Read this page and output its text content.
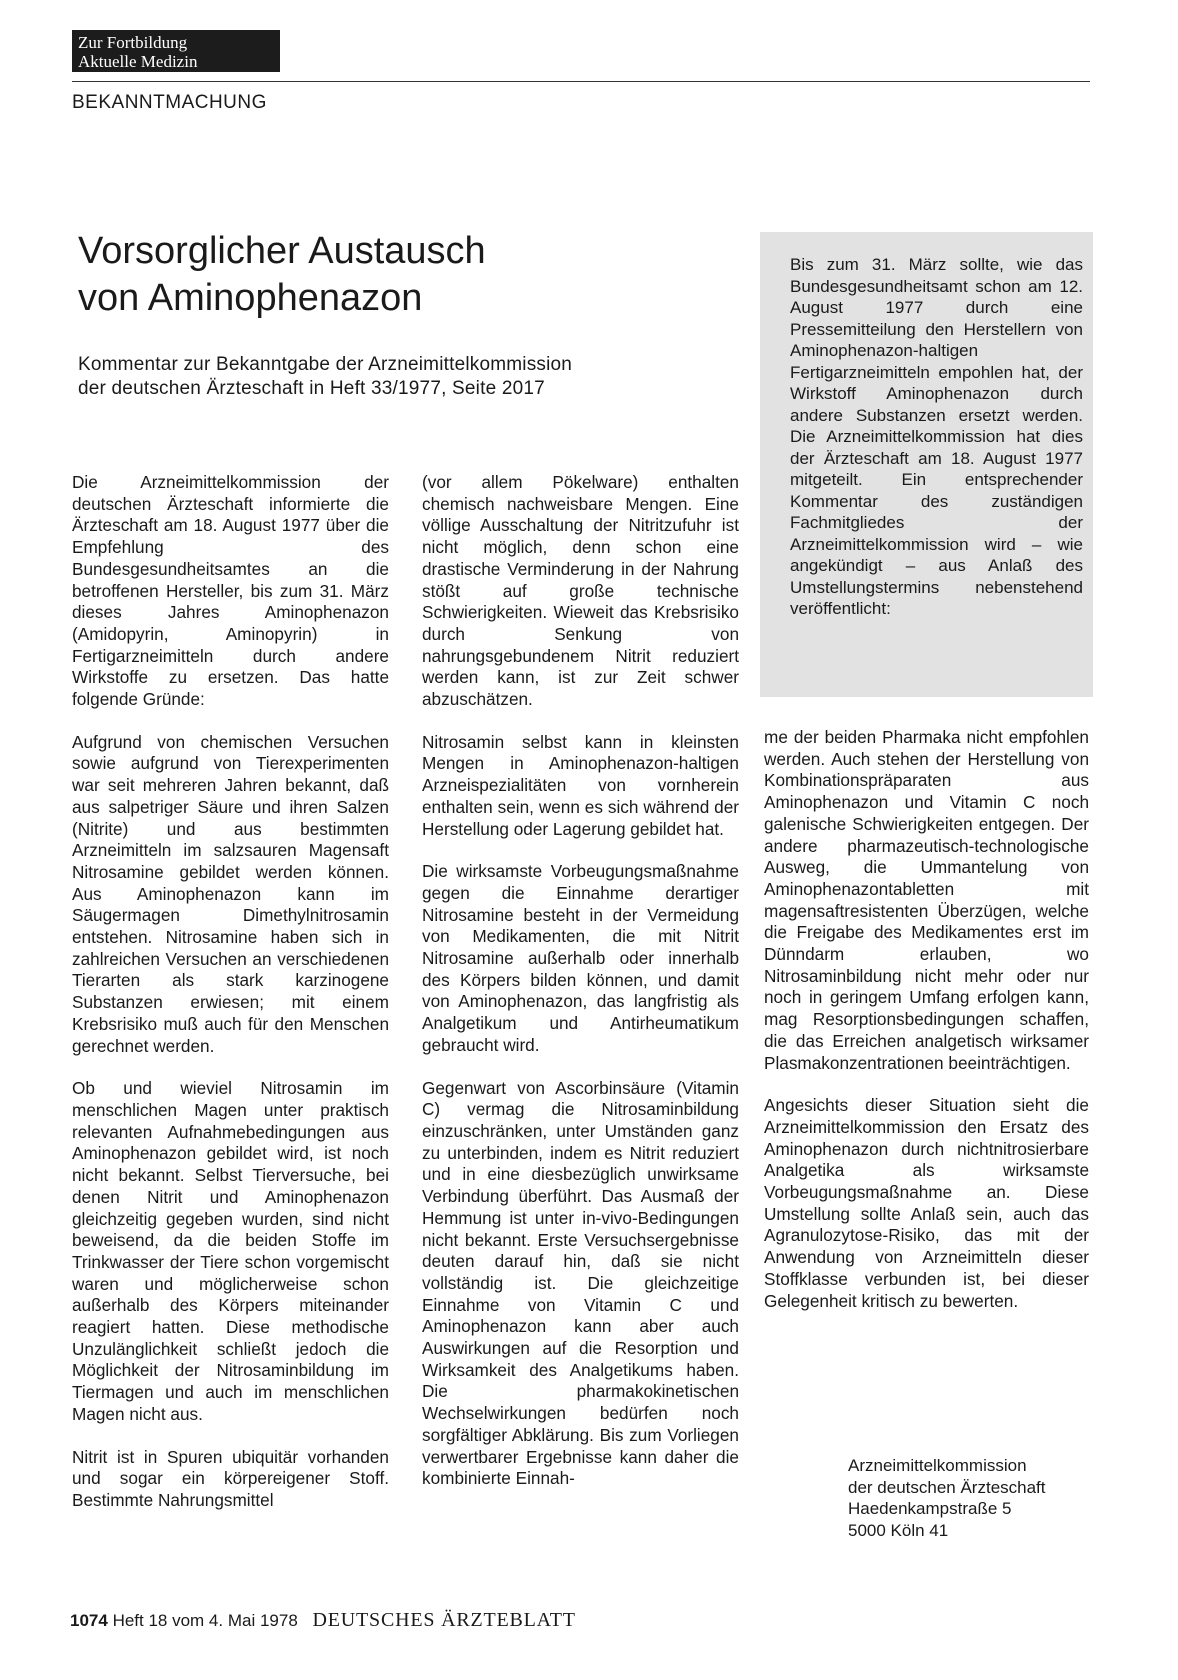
Zur Fortbildung
Aktuelle Medizin
BEKANNTMACHUNG
Vorsorglicher Austausch
von Aminophenazon
Kommentar zur Bekanntgabe der Arzneimittelkommission
der deutschen Ärzteschaft in Heft 33/1977, Seite 2017
Bis zum 31. März sollte, wie das Bundesgesundheitsamt schon am 12. August 1977 durch eine Pressemitteilung den Herstellern von Aminophenazon-haltigen Fertigarzneimitteln empohlen hat, der Wirkstoff Aminophenazon durch andere Substanzen ersetzt werden. Die Arzneimittelkommission hat dies der Ärzteschaft am 18. August 1977 mitgeteilt. Ein entsprechender Kommentar des zuständigen Fachmitgliedes der Arzneimittelkommission wird – wie angekündigt – aus Anlaß des Umstellungstermins nebenstehend veröffentlicht:

Die Arzneimittelkommission der deutschen Ärzteschaft informierte die Ärzteschaft am 18. August 1977 über die Empfehlung des Bundesgesundheitsamtes an die betroffenen Hersteller, bis zum 31. März dieses Jahres Aminophenazon (Amidopyrin, Aminopyrin) in Fertigarzneimitteln durch andere Wirkstoffe zu ersetzen. Das hatte folgende Gründe:

Aufgrund von chemischen Versuchen sowie aufgrund von Tierexperimenten war seit mehreren Jahren bekannt, daß aus salpetriger Säure und ihren Salzen (Nitrite) und aus bestimmten Arzneimitteln im salzsauren Magensaft Nitrosamine gebildet werden können. Aus Aminophenazon kann im Säugermagen Dimethylnitrosamin entstehen. Nitrosamine haben sich in zahlreichen Versuchen an verschiedenen Tierarten als stark karzinogene Substanzen erwiesen; mit einem Krebsrisiko muß auch für den Menschen gerechnet werden.

Ob und wieviel Nitrosamin im menschlichen Magen unter praktisch relevanten Aufnahmebedingungen aus Aminophenazon gebildet wird, ist noch nicht bekannt. Selbst Tierversuche, bei denen Nitrit und Aminophenazon gleichzeitig gegeben wurden, sind nicht beweisend, da die beiden Stoffe im Trinkwasser der Tiere schon vorgemischt waren und möglicherweise schon außerhalb des Körpers miteinander reagiert hatten. Diese methodische Unzulänglichkeit schließt jedoch die Möglichkeit der Nitrosaminbildung im Tiermagen und auch im menschlichen Magen nicht aus.

Nitrit ist in Spuren ubiquitär vorhanden und sogar ein körpereigener Stoff. Bestimmte Nahrungsmittel

(vor allem Pökelware) enthalten chemisch nachweisbare Mengen. Eine völlige Ausschaltung der Nitritzufuhr ist nicht möglich, denn schon eine drastische Verminderung in der Nahrung stößt auf große technische Schwierigkeiten. Wieweit das Krebsrisiko durch Senkung von nahrungsgebundenem Nitrit reduziert werden kann, ist zur Zeit schwer abzuschätzen.

Nitrosamin selbst kann in kleinsten Mengen in Aminophenazon-haltigen Arzneispezialitäten von vornherein enthalten sein, wenn es sich während der Herstellung oder Lagerung gebildet hat.

Die wirksamste Vorbeugungsmaßnahme gegen die Einnahme derartiger Nitrosamine besteht in der Vermeidung von Medikamenten, die mit Nitrit Nitrosamine außerhalb oder innerhalb des Körpers bilden können, und damit von Aminophenazon, das langfristig als Analgetikum und Antirheumatikum gebraucht wird.

Gegenwart von Ascorbinsäure (Vitamin C) vermag die Nitrosaminbildung einzuschränken, unter Umständen ganz zu unterbinden, indem es Nitrit reduziert und in eine diesbezüglich unwirksame Verbindung überführt. Das Ausmaß der Hemmung ist unter in-vivo-Bedingungen nicht bekannt. Erste Versuchsergebnisse deuten darauf hin, daß sie nicht vollständig ist. Die gleichzeitige Einnahme von Vitamin C und Aminophenazon kann aber auch Auswirkungen auf die Resorption und Wirksamkeit des Analgetikums haben. Die pharmakokinetischen Wechselwirkungen bedürfen noch sorgfältiger Abklärung. Bis zum Vorliegen verwertbarer Ergebnisse kann daher die kombinierte Einnah-

me der beiden Pharmaka nicht empfohlen werden. Auch stehen der Herstellung von Kombinationspräparaten aus Aminophenazon und Vitamin C noch galenische Schwierigkeiten entgegen. Der andere pharmazeutisch-technologische Ausweg, die Ummantelung von Aminophenazontabletten mit magensaftresistenten Überzügen, welche die Freigabe des Medikamentes erst im Dünndarm erlauben, wo Nitrosaminbildung nicht mehr oder nur noch in geringem Umfang erfolgen kann, mag Resorptionsbedingungen schaffen, die das Erreichen analgetisch wirksamer Plasmakonzentrationen beeinträchtigen.

Angesichts dieser Situation sieht die Arzneimittelkommission den Ersatz des Aminophenazon durch nichtnitrosierbare Analgetika als wirksamste Vorbeugungsmaßnahme an. Diese Umstellung sollte Anlaß sein, auch das Agranulozytose-Risiko, das mit der Anwendung von Arzneimitteln dieser Stoffklasse verbunden ist, bei dieser Gelegenheit kritisch zu bewerten.

Arzneimittelkommission
der deutschen Ärzteschaft
Haedenkampstraße 5
5000 Köln 41
1074 Heft 18 vom 4. Mai 1978 DEUTSCHES ÄRZTEBLATT
